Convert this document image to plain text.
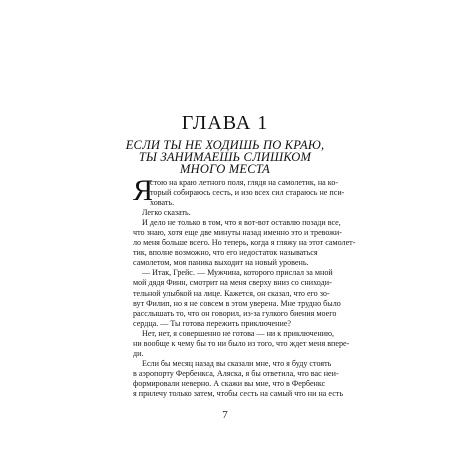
ГЛАВА 1
ЕСЛИ ТЫ НЕ ХОДИШЬ ПО КРАЮ,
ТЫ ЗАНИМАЕШЬ СЛИШКОМ
МНОГО МЕСТА
Я
стою на краю летного поля, глядя на самолетик, на ко-
торый собираюсь сесть, и изо всех сил стараюсь не пси-
ховать.
Легко сказать.
И дело не только в том, что я вот-вот оставлю позади все,
что знаю, хотя еще две минуты назад именно это и тревожи-
ло меня больше всего. Но теперь, когда я гляжу на этот самолет-
тик, вполне возможно, что его недостаток называться
самолетом, моя паника выходит на новый уровень.
— Итак, Грейс. — Мужчина, которого прислал за мной
мой дядя Финн, смотрит на меня сверху вниз со сниходи-
тельной улыбкой на лице. Кажется, он сказал, что его зо-
вут Филип, но я не совсем в этом уверена. Мне трудно было
расслышать то, что он говорил, из-за гулкого биения моего
сердца. — Ты готова пережить приключение?
Нет, нет, я совершенно не готова — ни к приключению,
ни вообще к чему бы то ни было из того, что ждет меня впере-
ди.
Если бы месяц назад вы сказали мне, что я буду стоять
в аэропорту Фербенкса, Аляска, я бы ответила, что вас неи-
формировали неверно. А скажи вы мне, что в Фербенкс
я прилечу только затем, чтобы сесть на самый что ни на есть
7
